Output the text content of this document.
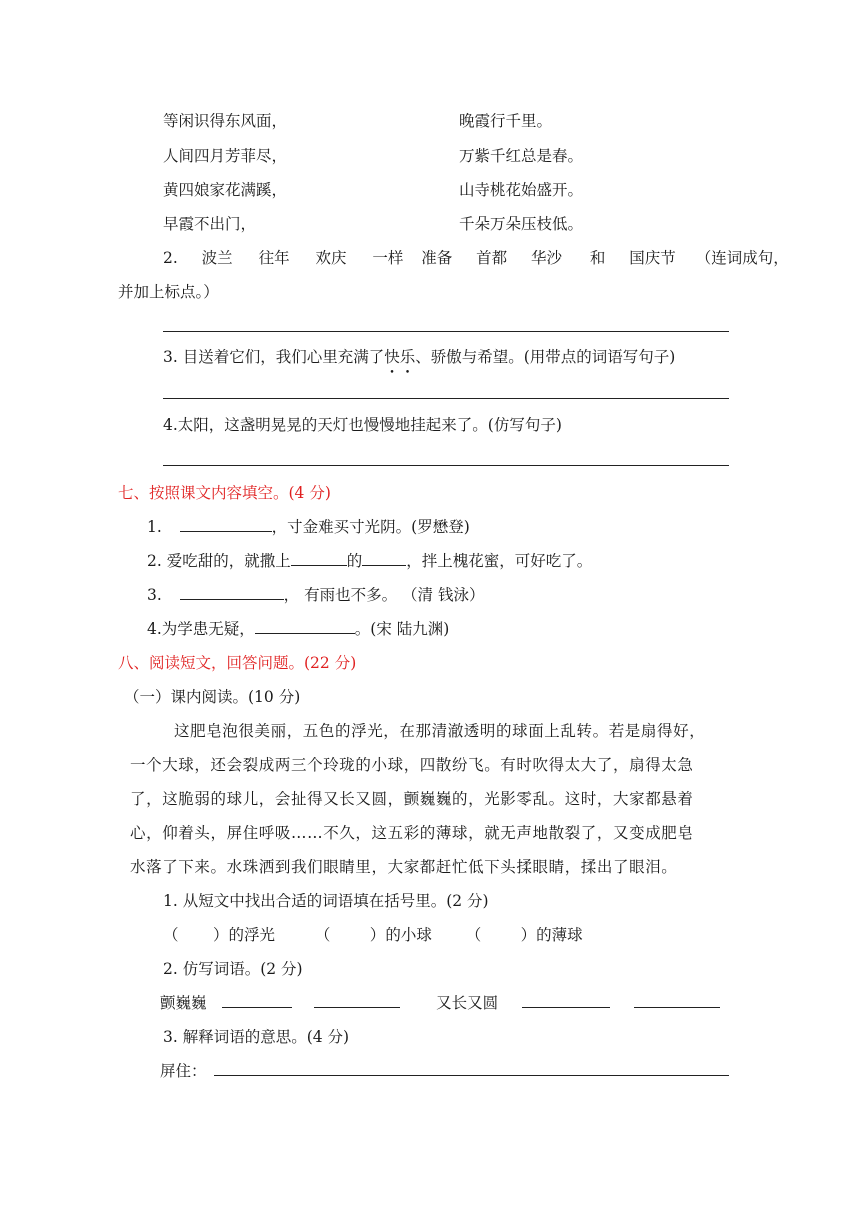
等闲识得东风面，	晚霞行千里。
人间四月芳菲尽，	万紫千红总是春。
黄四娘家花满蹊，	山寺桃花始盛开。
早霞不出门，	千朵万朵压枝低。
2. 波兰 往年 欢庆 一样 准备 首都 华沙 和 国庆节 （连词成句，
并加上标点。）
3. 目送着它们，我们心里充满了快乐、骄傲与希望。(用带点的词语写句子)
4.太阳，这盏明晃晃的天灯也慢慢地挂起来了。(仿写句子)
七、按照课文内容填空。(4 分)
1.	，寸金难买寸光阴。(罗懋登)
2. 爱吃甜的，就撒上	的	，拌上槐花蜜，可好吃了。
3.	， 有雨也不多。 （清 钱泳）
4.为学患无疑，	。(宋 陆九渊)
八、阅读短文，回答问题。(22 分)
（一）课内阅读。(10 分)
这肥皂泡很美丽，五色的浮光，在那清澈透明的球面上乱转。若是扇得好，
一个大球，还会裂成两三个玲珑的小球，四散纷飞。有时吹得太大了，扇得太急
了，这脆弱的球儿，会扯得又长又圆，颤巍巍的，光影零乱。这时，大家都悬着
心，仰着头，屏住呼吸……不久，这五彩的薄球，就无声地散裂了，又变成肥皂
水落了下来。水珠洒到我们眼睛里，大家都赶忙低下头揉眼睛，揉出了眼泪。
1. 从短文中找出合适的词语填在括号里。(2 分)
（       ）的浮光	（        ）的小球 （        ）的薄球
2. 仿写词语。(2 分)
颤巍巍	又长又圆
3. 解释词语的意思。(4 分)
屏住：
